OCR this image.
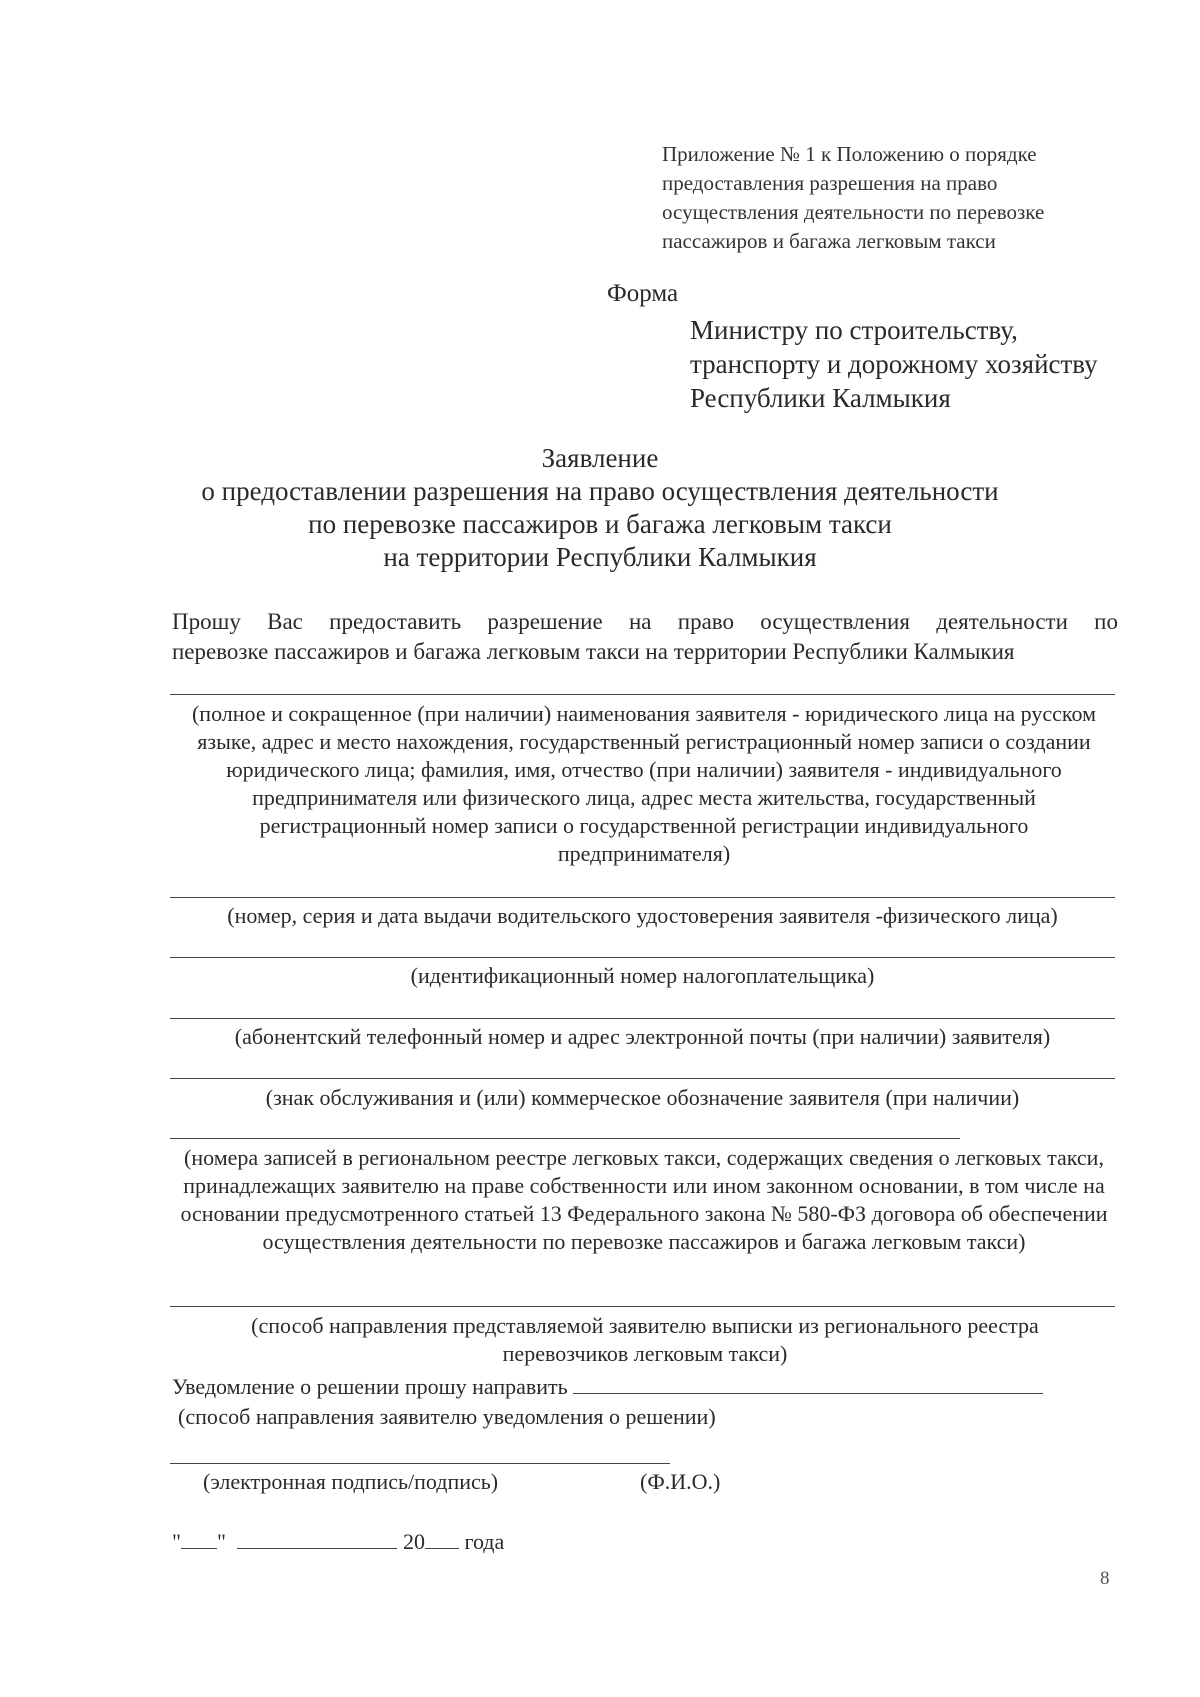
Приложение № 1 к Положению о порядке предоставления разрешения на право осуществления деятельности по перевозке пассажиров и багажа легковым такси
Форма
Министру по строительству, транспорту и дорожному хозяйству Республики Калмыкия
Заявление
о предоставлении разрешения на право осуществления деятельности
по перевозке пассажиров и багажа легковым такси
на территории Республики Калмыкия
Прошу Вас предоставить разрешение на право осуществления деятельности по
перевозке пассажиров и багажа легковым такси на территории Республики Калмыкия
(полное и сокращенное (при наличии) наименования заявителя - юридического лица на русском языке, адрес и место нахождения, государственный регистрационный номер записи о создании юридического лица; фамилия, имя, отчество (при наличии) заявителя - индивидуального предпринимателя или физического лица, адрес места жительства, государственный регистрационный номер записи о государственной регистрации индивидуального предпринимателя)
(номер, серия и дата выдачи водительского удостоверения заявителя -физического лица)
(идентификационный номер налогоплательщика)
(абонентский телефонный номер и адрес электронной почты (при наличии) заявителя)
(знак обслуживания и (или) коммерческое обозначение заявителя (при наличии)
(номера записей в региональном реестре легковых такси, содержащих сведения о легковых такси, принадлежащих заявителю на праве собственности или ином законном основании, в том числе на основании предусмотренного статьей 13 Федерального закона № 580-ФЗ договора об обеспечении осуществления деятельности по перевозке пассажиров и багажа легковым такси)
(способ направления представляемой заявителю выписки из регионального реестра перевозчиков легковым такси)
Уведомление о решении прошу направить
(способ направления заявителю уведомления о решении)
(электронная подпись/подпись)	(Ф.И.О.)
" "	20 года
8
